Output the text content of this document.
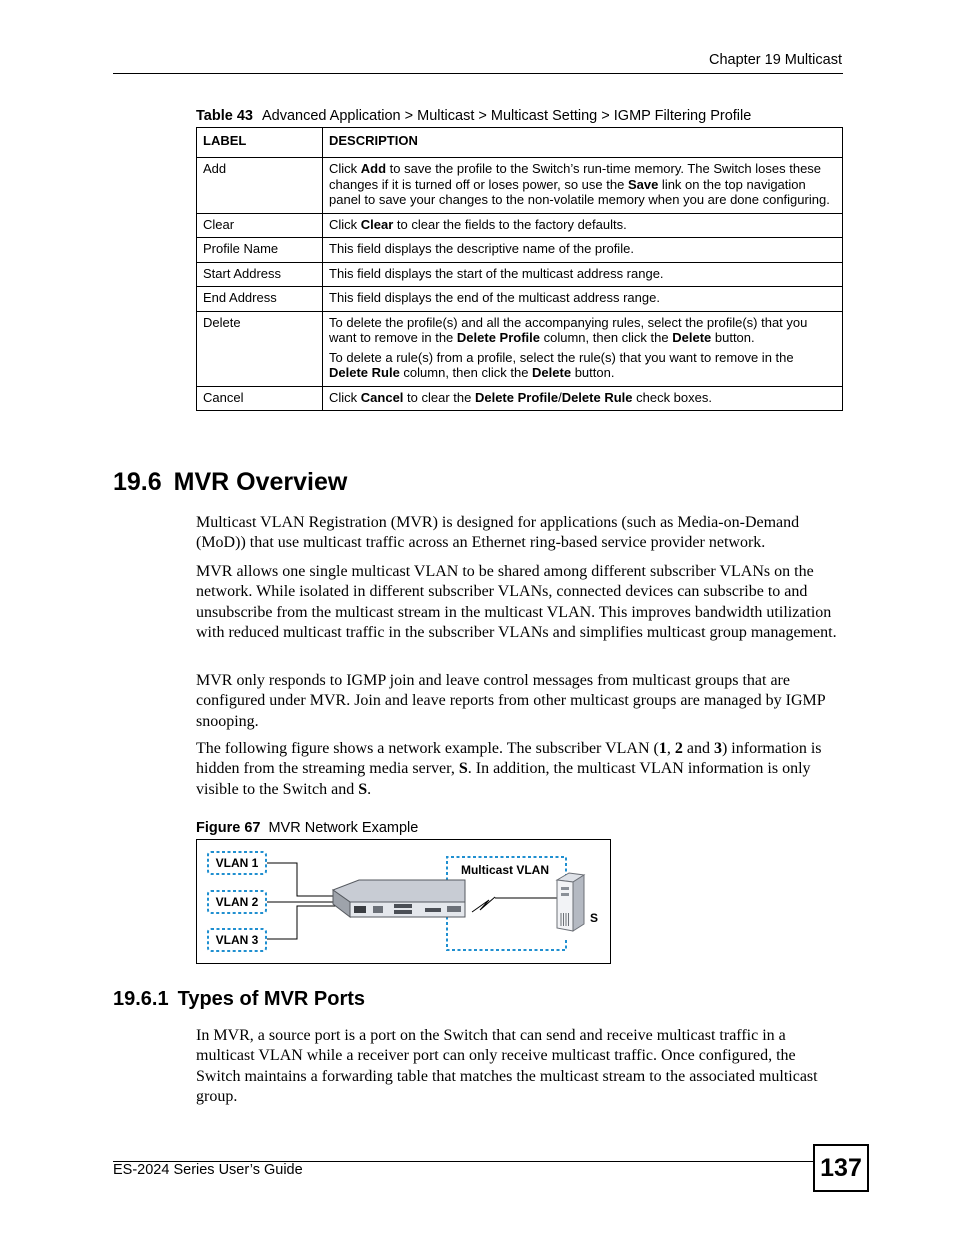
Chapter 19 Multicast
Table 43 Advanced Application > Multicast > Multicast Setting > IGMP Filtering Profile
LABEL	DESCRIPTION
Add	Click Add to save the profile to the Switch’s run-time memory. The Switch loses these changes if it is turned off or loses power, so use the Save link on the top navigation panel to save your changes to the non-volatile memory when you are done configuring.

Clear	Click Clear to clear the fields to the factory defaults.

Profile Name	This field displays the descriptive name of the profile.

Start Address	This field displays the start of the multicast address range.

End Address	This field displays the end of the multicast address range.

Delete	To delete the profile(s) and all the accompanying rules, select the profile(s) that you want to remove in the Delete Profile column, then click the Delete button.

To delete a rule(s) from a profile, select the rule(s) that you want to remove in the Delete Rule column, then click the Delete button.

Cancel	Click Cancel to clear the Delete Profile/Delete Rule check boxes.

19.6 MVR Overview

Multicast VLAN Registration (MVR) is designed for applications (such as Media-on-Demand (MoD)) that use multicast traffic across an Ethernet ring-based service provider network.

MVR allows one single multicast VLAN to be shared among different subscriber VLANs on the network. While isolated in different subscriber VLANs, connected devices can subscribe to and unsubscribe from the multicast stream in the multicast VLAN. This improves bandwidth utilization with reduced multicast traffic in the subscriber VLANs and simplifies multicast group management.

MVR only responds to IGMP join and leave control messages from multicast groups that are configured under MVR. Join and leave reports from other multicast groups are managed by IGMP snooping.

The following figure shows a network example. The subscriber VLAN (1, 2 and 3) information is hidden from the streaming media server, S. In addition, the multicast VLAN information is only visible to the Switch and S.

Figure 67 MVR Network Example
VLAN 1
VLAN 2
VLAN 3
Multicast VLAN
S
19.6.1 Types of MVR Ports

In MVR, a source port is a port on the Switch that can send and receive multicast traffic in a multicast VLAN while a receiver port can only receive multicast traffic. Once configured, the Switch maintains a forwarding table that matches the multicast stream to the associated multicast group.

ES-2024 Series User’s Guide	137
